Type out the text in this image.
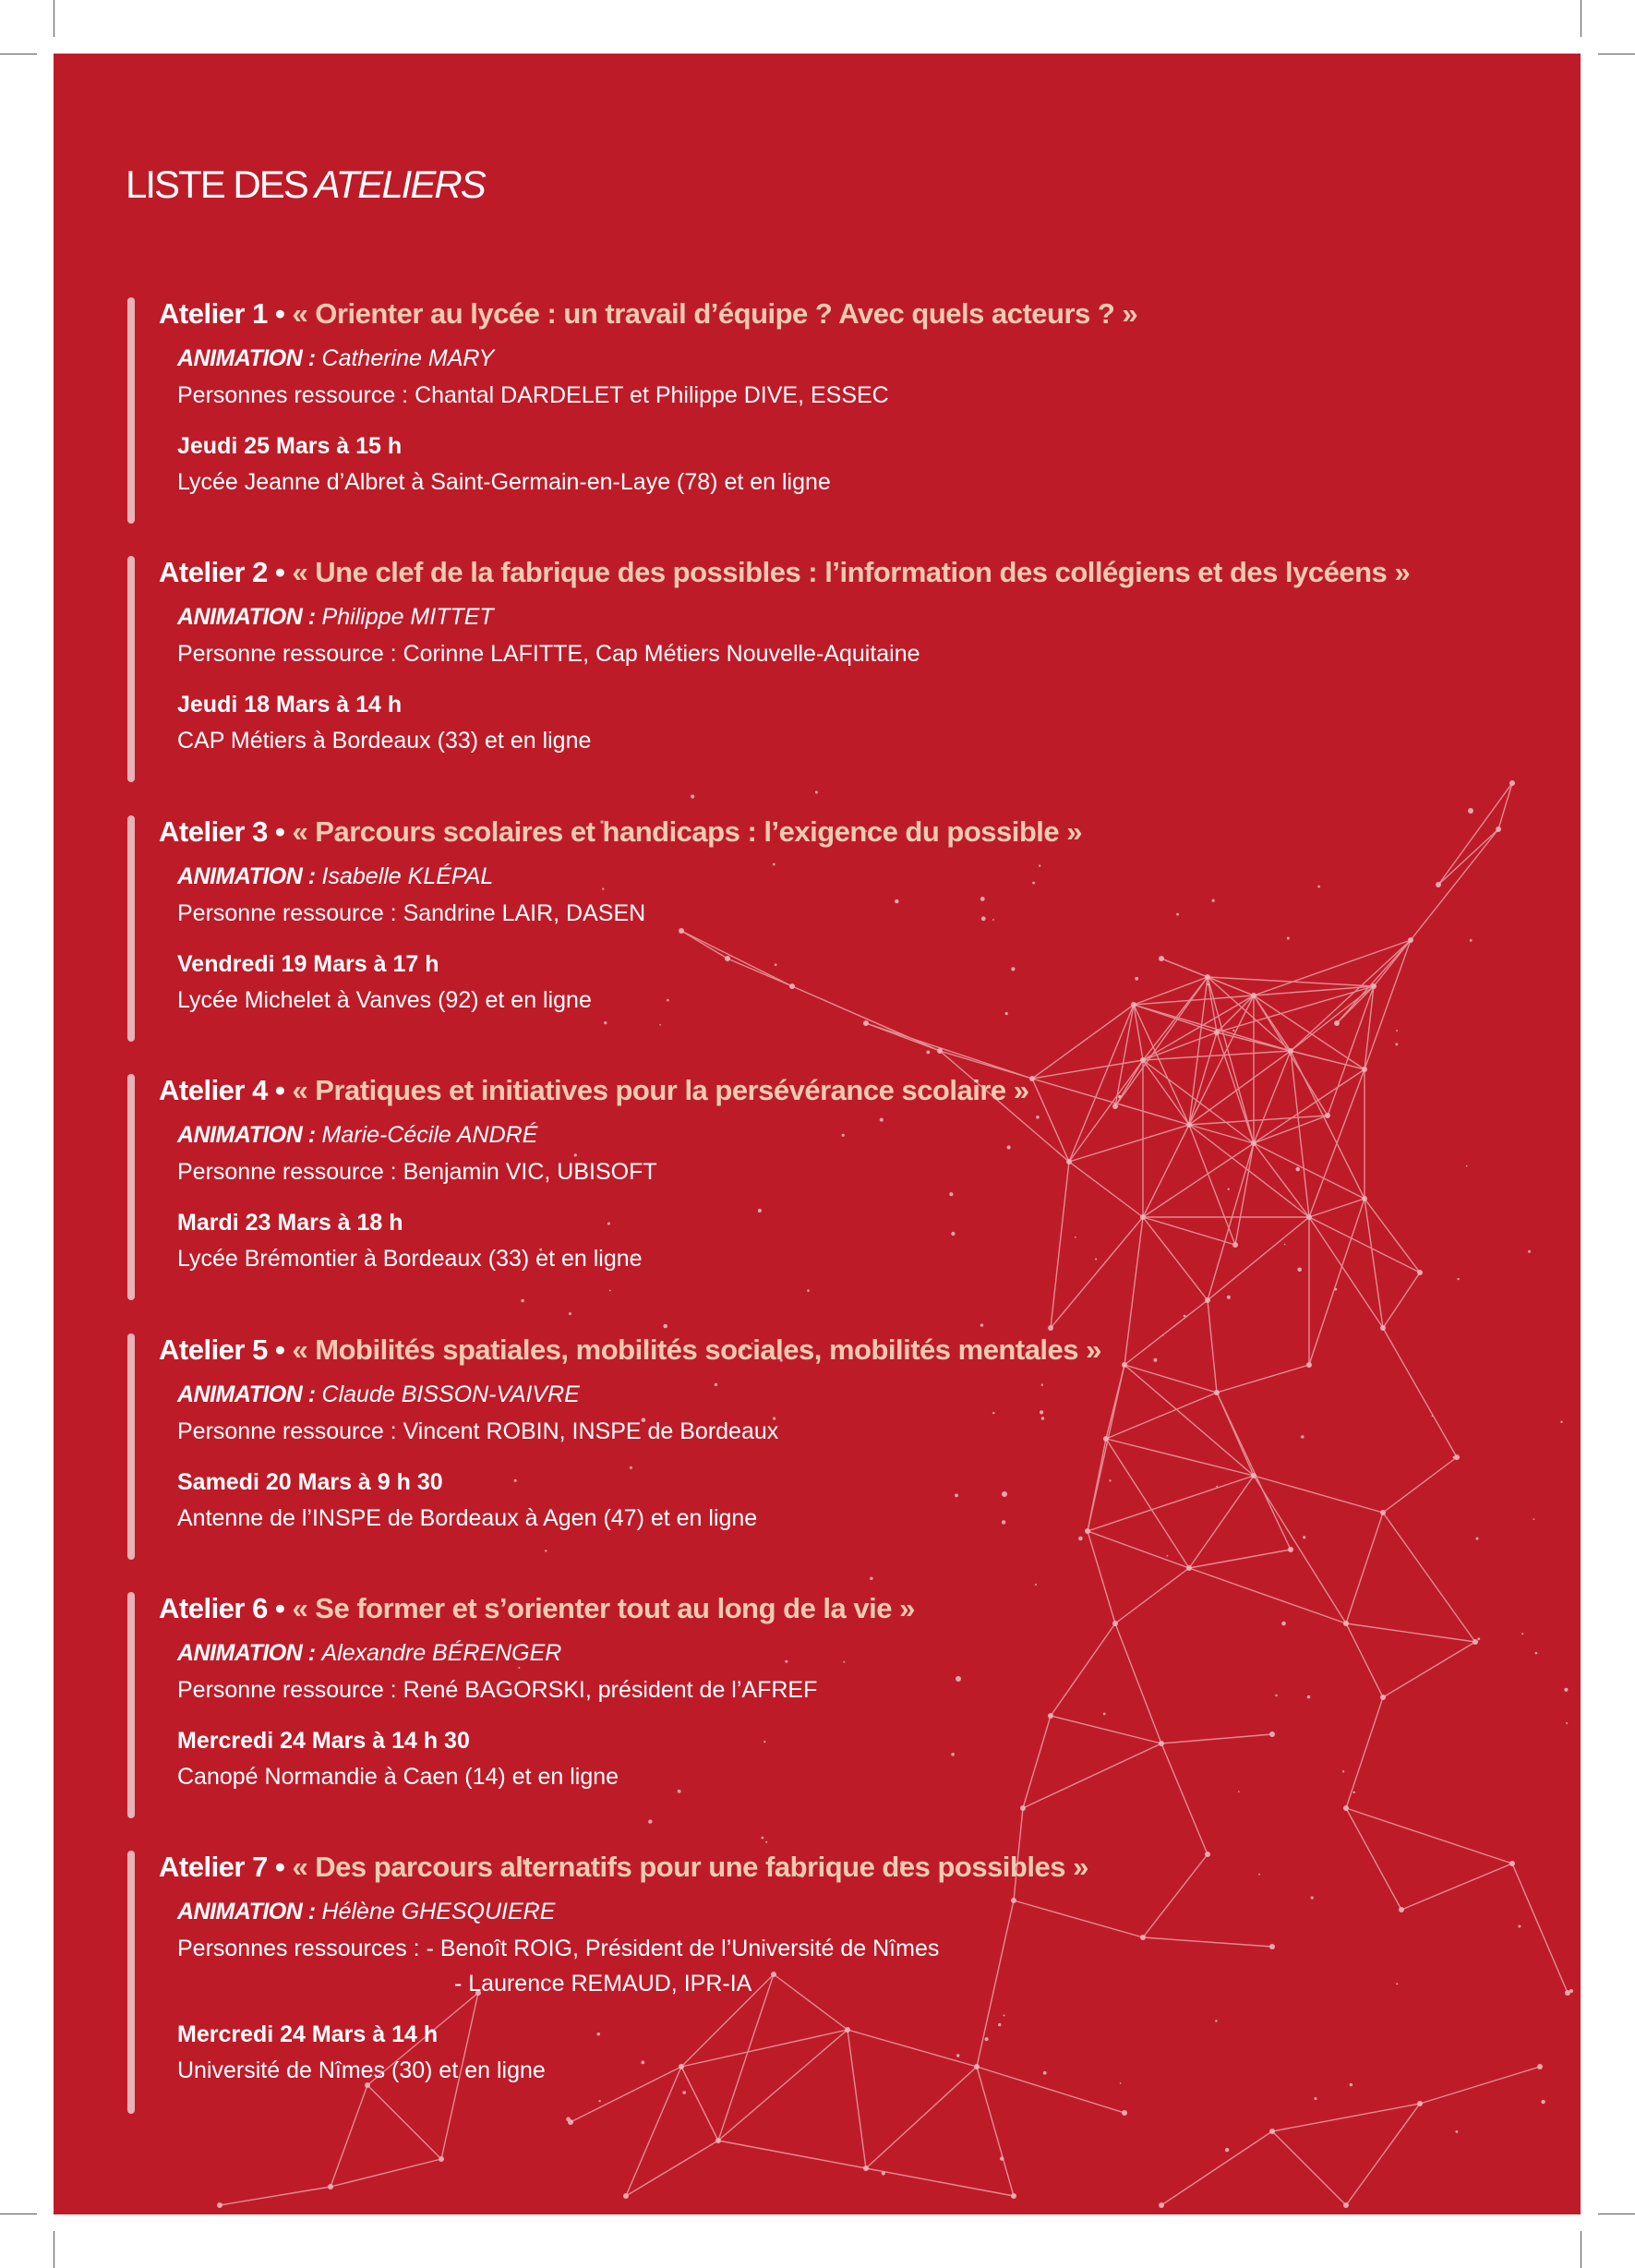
LISTE DES ATELIERS

Atelier 1 • « Orienter au lycée : un travail d’équipe ? Avec quels acteurs ? »

ANIMATION : Catherine MARY

Personnes ressource : Chantal DARDELET et Philippe DIVE, ESSEC

Jeudi 25 Mars à 15 h

Lycée Jeanne d’Albret à Saint-Germain-en-Laye (78) et en ligne

Atelier 2 • « Une clef de la fabrique des possibles : l’information des collégiens et des lycéens »

ANIMATION : Philippe MITTET

Personne ressource : Corinne LAFITTE, Cap Métiers Nouvelle-Aquitaine

Jeudi 18 Mars à 14 h

CAP Métiers à Bordeaux (33) et en ligne

Atelier 3 • « Parcours scolaires et handicaps : l’exigence du possible »

ANIMATION : Isabelle KLÉPAL

Personne ressource : Sandrine LAIR, DASEN

Vendredi 19 Mars à 17 h

Lycée Michelet à Vanves (92) et en ligne

Atelier 4 • « Pratiques et initiatives pour la persévérance scolaire »

ANIMATION : Marie-Cécile ANDRÉ

Personne ressource : Benjamin VIC, UBISOFT

Mardi 23 Mars à 18 h

Lycée Brémontier à Bordeaux (33) et en ligne

Atelier 5 • « Mobilités spatiales, mobilités sociales, mobilités mentales »

ANIMATION : Claude BISSON-VAIVRE

Personne ressource : Vincent ROBIN, INSPE de Bordeaux

Samedi 20 Mars à 9 h 30

Antenne de l’INSPE de Bordeaux à Agen (47) et en ligne

Atelier 6 • « Se former et s’orienter tout au long de la vie »

ANIMATION : Alexandre BÉRENGER

Personne ressource : René BAGORSKI, président de l’AFREF

Mercredi 24 Mars à 14 h 30

Canopé Normandie à Caen (14) et en ligne

Atelier 7 • « Des parcours alternatifs pour une fabrique des possibles »

ANIMATION : Hélène GHESQUIERE

Personnes ressources : - Benoît ROIG, Président de l’Université de Nîmes

- Laurence REMAUD, IPR-IA

Mercredi 24 Mars à 14 h

Université de Nîmes (30) et en ligne
